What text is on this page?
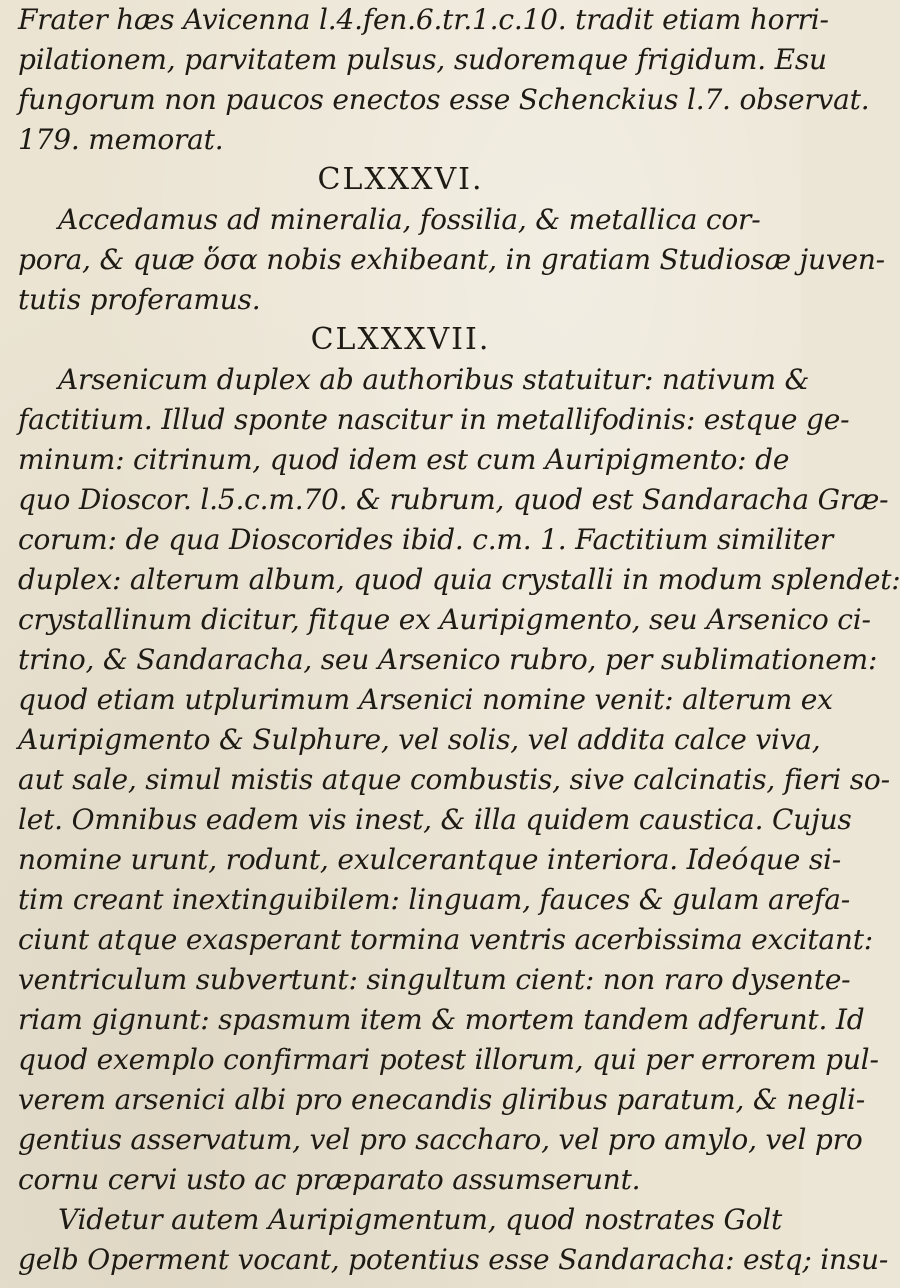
Frater hæs Avicenna l.4.fen.6.tr.1.c.10. tradit etiam horri-
pilationem, parvitatem pulsus, sudoremque frigidum. Esu
fungorum non paucos enectos esse Schenckius l.7. observat.
179. memorat.
CLXXXVI.
Accedamus ad mineralia, fossilia, & metallica cor-
pora, & quæ ὅσα nobis exhibeant, in gratiam Studiosæ juven-
tutis proferamus.
CLXXXVII.
Arsenicum duplex ab authoribus statuitur: nativum &
factitium. Illud sponte nascitur in metallifodinis: estque ge-
minum: citrinum, quod idem est cum Auripigmento: de
quo Dioscor. l.5.c.m.70. & rubrum, quod est Sandaracha Græ-
corum: de qua Dioscorides ibid. c.m. 1. Factitium similiter
duplex: alterum album, quod quia crystalli in modum splendet:
crystallinum dicitur, fitque ex Auripigmento, seu Arsenico ci-
trino, & Sandaracha, seu Arsenico rubro, per sublimationem:
quod etiam utplurimum Arsenici nomine venit: alterum ex
Auripigmento & Sulphure, vel solis, vel addita calce viva,
aut sale, simul mistis atque combustis, sive calcinatis, fieri so-
let. Omnibus eadem vis inest, & illa quidem caustica. Cujus
nomine urunt, rodunt, exulcerantque interiora. Ideóque si-
tim creant inextinguibilem: linguam, fauces & gulam arefa-
ciunt atque exasperant tormina ventris acerbissima excitant:
ventriculum subvertunt: singultum cient: non raro dysente-
riam gignunt: spasmum item & mortem tandem adferunt. Id
quod exemplo confirmari potest illorum, qui per errorem pul-
verem arsenici albi pro enecandis gliribus paratum, & negli-
gentius asservatum, vel pro saccharo, vel pro amylo, vel pro
cornu cervi usto ac præparato assumserunt.
Videtur autem Auripigmentum, quod nostrates Golt
gelb Operment vocant, potentius esse Sandaracha: estq; insu-
